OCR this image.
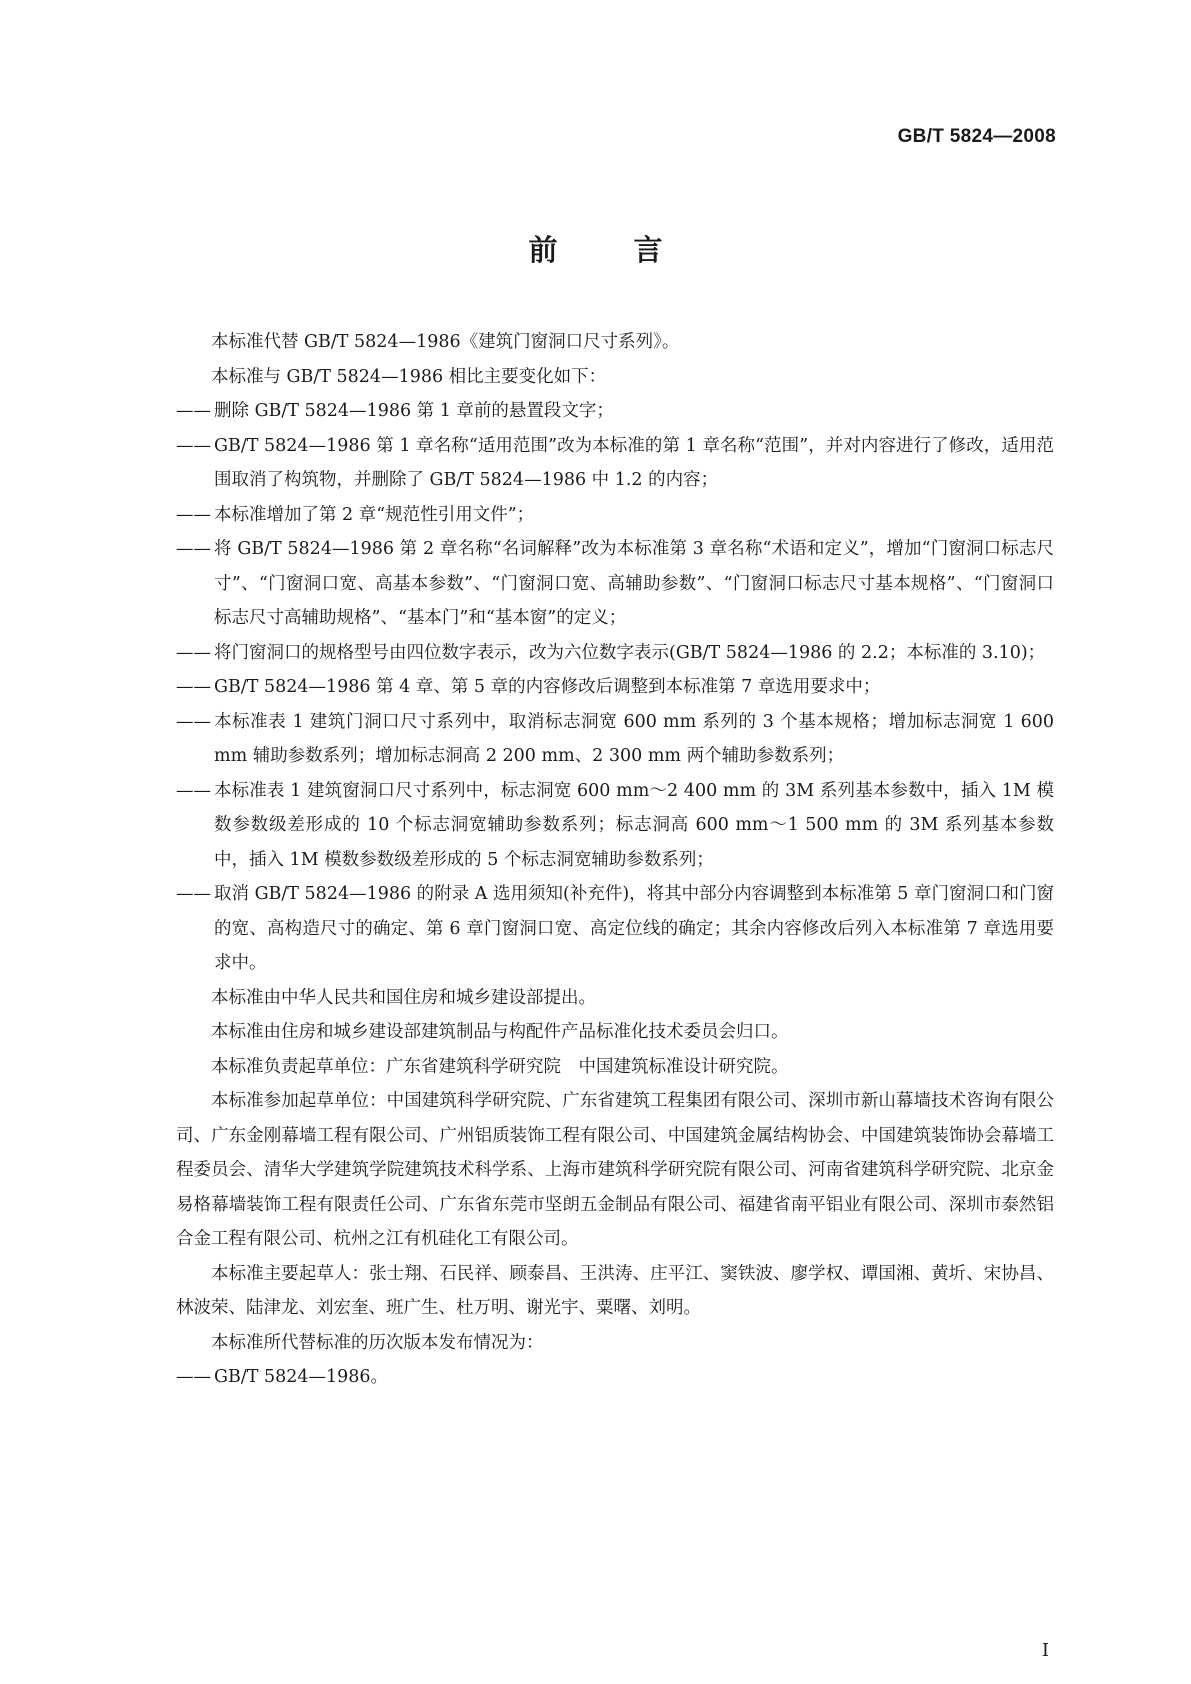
GB/T 5824—2008
前	言
本标准代替 GB/T 5824—1986《建筑门窗洞口尺寸系列》。
本标准与 GB/T 5824—1986 相比主要变化如下：
—— 删除 GB/T 5824—1986 第 1 章前的悬置段文字；
—— GB/T 5824—1986 第 1 章名称“适用范围”改为本标准的第 1 章名称“范围”，并对内容进行了修改，适用范围取消了构筑物，并删除了 GB/T 5824—1986 中 1.2 的内容；
—— 本标准增加了第 2 章“规范性引用文件”；
—— 将 GB/T 5824—1986 第 2 章名称“名词解释”改为本标准第 3 章名称“术语和定义”，增加“门窗洞口标志尺寸”、“门窗洞口宽、高基本参数”、“门窗洞口宽、高辅助参数”、“门窗洞口标志尺寸基本规格”、“门窗洞口标志尺寸高辅助规格”、“基本门”和“基本窗”的定义；
—— 将门窗洞口的规格型号由四位数字表示，改为六位数字表示(GB/T 5824—1986 的 2.2；本标准的 3.10)；
—— GB/T 5824—1986 第 4 章、第 5 章的内容修改后调整到本标准第 7 章选用要求中；
—— 本标准表 1 建筑门洞口尺寸系列中，取消标志洞宽 600 mm 系列的 3 个基本规格；增加标志洞宽 1 600 mm 辅助参数系列；增加标志洞高 2 200 mm、2 300 mm 两个辅助参数系列；
—— 本标准表 1 建筑窗洞口尺寸系列中，标志洞宽 600 mm～2 400 mm 的 3M 系列基本参数中，插入 1M 模数参数级差形成的 10 个标志洞宽辅助参数系列；标志洞高 600 mm～1 500 mm 的 3M 系列基本参数中，插入 1M 模数参数级差形成的 5 个标志洞宽辅助参数系列；
—— 取消 GB/T 5824—1986 的附录 A 选用须知(补充件)，将其中部分内容调整到本标准第 5 章门窗洞口和门窗的宽、高构造尺寸的确定、第 6 章门窗洞口宽、高定位线的确定；其余内容修改后列入本标准第 7 章选用要求中。
本标准由中华人民共和国住房和城乡建设部提出。
本标准由住房和城乡建设部建筑制品与构配件产品标准化技术委员会归口。
本标准负责起草单位：广东省建筑科学研究院　中国建筑标准设计研究院。
本标准参加起草单位：中国建筑科学研究院、广东省建筑工程集团有限公司、深圳市新山幕墙技术咨询有限公司、广东金刚幕墙工程有限公司、广州铝质装饰工程有限公司、中国建筑金属结构协会、中国建筑装饰协会幕墙工程委员会、清华大学建筑学院建筑技术科学系、上海市建筑科学研究院有限公司、河南省建筑科学研究院、北京金易格幕墙装饰工程有限责任公司、广东省东莞市坚朗五金制品有限公司、福建省南平铝业有限公司、深圳市泰然铝合金工程有限公司、杭州之江有机硅化工有限公司。
本标准主要起草人：张士翔、石民祥、顾泰昌、王洪涛、庄平江、窦铁波、廖学权、谭国湘、黄圻、宋协昌、林波荣、陆津龙、刘宏奎、班广生、杜万明、谢光宇、粟曙、刘明。
本标准所代替标准的历次版本发布情况为：
—— GB/T 5824—1986。
I
